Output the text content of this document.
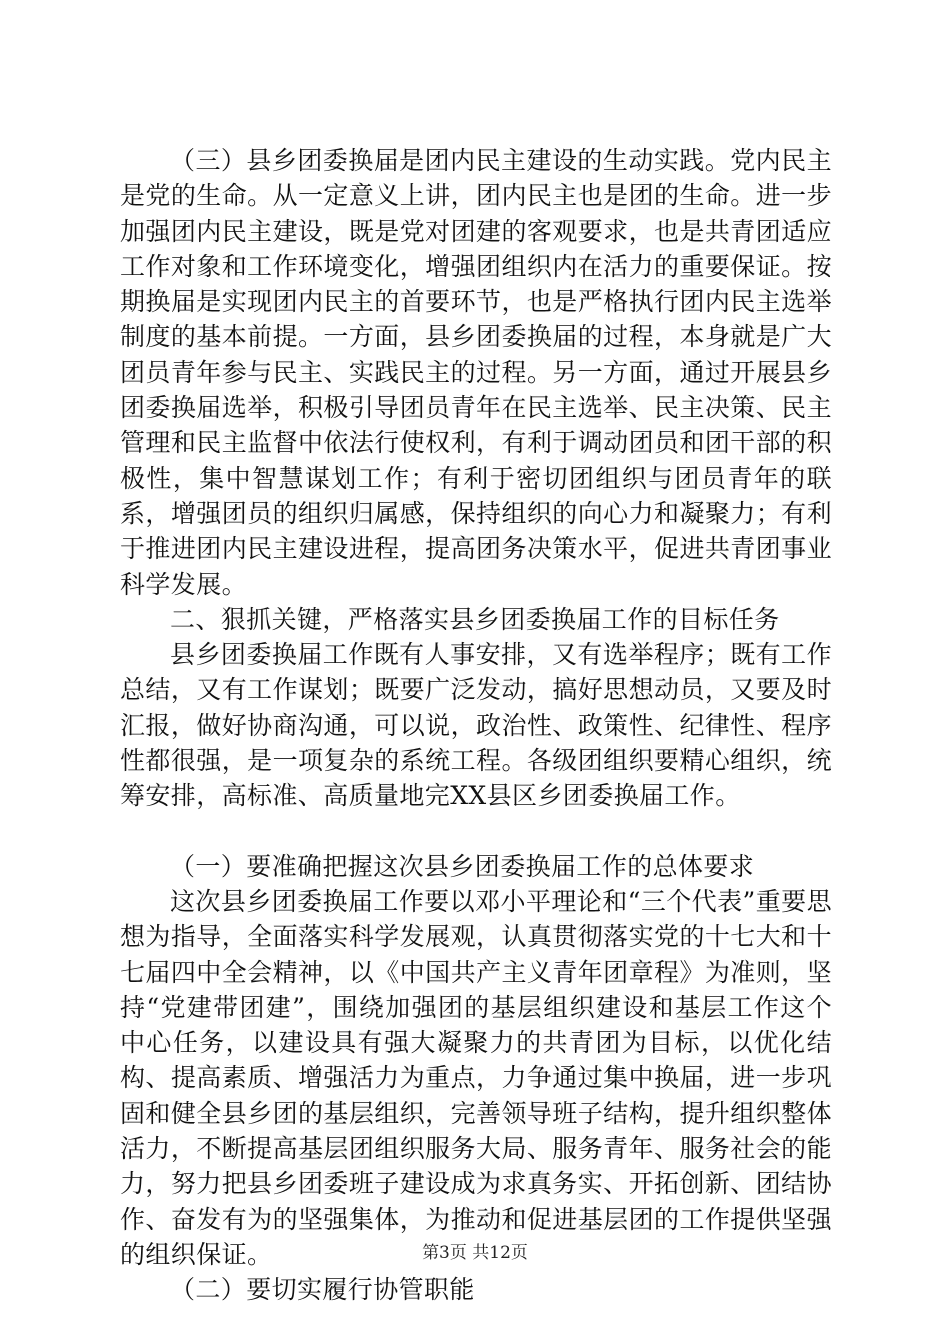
（三）县乡团委换届是团内民主建设的生动实践。党内民主是党的生命。从一定意义上讲，团内民主也是团的生命。进一步加强团内民主建设，既是党对团建的客观要求，也是共青团适应工作对象和工作环境变化，增强团组织内在活力的重要保证。按期换届是实现团内民主的首要环节，也是严格执行团内民主选举制度的基本前提。一方面，县乡团委换届的过程，本身就是广大团员青年参与民主、实践民主的过程。另一方面，通过开展县乡团委换届选举，积极引导团员青年在民主选举、民主决策、民主管理和民主监督中依法行使权利，有利于调动团员和团干部的积极性，集中智慧谋划工作；有利于密切团组织与团员青年的联系，增强团员的组织归属感，保持组织的向心力和凝聚力；有利于推进团内民主建设进程，提高团务决策水平，促进共青团事业科学发展。

二、狠抓关键，严格落实县乡团委换届工作的目标任务

县乡团委换届工作既有人事安排，又有选举程序；既有工作总结，又有工作谋划；既要广泛发动，搞好思想动员，又要及时汇报，做好协商沟通，可以说，政治性、政策性、纪律性、程序性都很强，是一项复杂的系统工程。各级团组织要精心组织，统筹安排，高标准、高质量地完XX县区乡团委换届工作。

（一）要准确把握这次县乡团委换届工作的总体要求

这次县乡团委换届工作要以邓小平理论和“三个代表”重要思想为指导，全面落实科学发展观，认真贯彻落实党的十七大和十七届四中全会精神，以《中国共产主义青年团章程》为准则，坚持“党建带团建”，围绕加强团的基层组织建设和基层工作这个中心任务，以建设具有强大凝聚力的共青团为目标，以优化结构、提高素质、增强活力为重点，力争通过集中换届，进一步巩固和健全县乡团的基层组织，完善领导班子结构，提升组织整体活力，不断提高基层团组织服务大局、服务青年、服务社会的能力，努力把县乡团委班子建设成为求真务实、开拓创新、团结协作、奋发有为的坚强集体，为推动和促进基层团的工作提供坚强的组织保证。

（二）要切实履行协管职能

第3页 共12页
